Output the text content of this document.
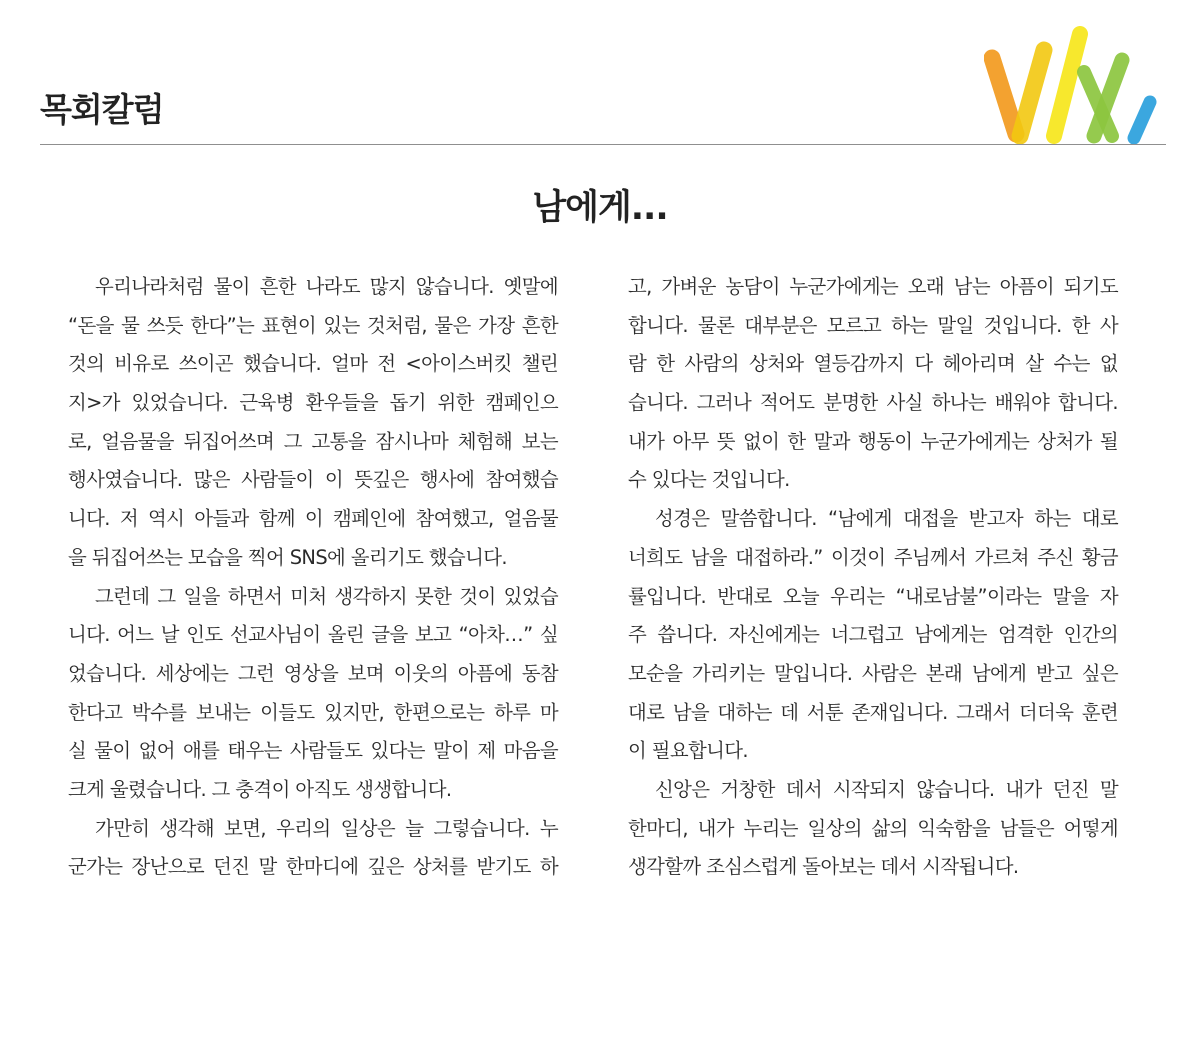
목회칼럼
남에게...
우리나라처럼 물이 흔한 나라도 많지 않습니다. 옛말에
“돈을 물 쓰듯 한다”는 표현이 있는 것처럼, 물은 가장 흔한
것의 비유로 쓰이곤 했습니다. 얼마 전 <아이스버킷 챌린
지>가 있었습니다. 근육병 환우들을 돕기 위한 캠페인으
로, 얼음물을 뒤집어쓰며 그 고통을 잠시나마 체험해 보는
행사였습니다. 많은 사람들이 이 뜻깊은 행사에 참여했습
니다. 저 역시 아들과 함께 이 캠페인에 참여했고, 얼음물
을 뒤집어쓰는 모습을 찍어 SNS에 올리기도 했습니다.
그런데 그 일을 하면서 미처 생각하지 못한 것이 있었습
니다. 어느 날 인도 선교사님이 올린 글을 보고 “아차…” 싶
었습니다. 세상에는 그런 영상을 보며 이웃의 아픔에 동참
한다고 박수를 보내는 이들도 있지만, 한편으로는 하루 마
실 물이 없어 애를 태우는 사람들도 있다는 말이 제 마음을
크게 울렸습니다. 그 충격이 아직도 생생합니다.
가만히 생각해 보면, 우리의 일상은 늘 그렇습니다. 누
군가는 장난으로 던진 말 한마디에 깊은 상처를 받기도 하
고, 가벼운 농담이 누군가에게는 오래 남는 아픔이 되기도
합니다. 물론 대부분은 모르고 하는 말일 것입니다. 한 사
람 한 사람의 상처와 열등감까지 다 헤아리며 살 수는 없
습니다. 그러나 적어도 분명한 사실 하나는 배워야 합니다.
내가 아무 뜻 없이 한 말과 행동이 누군가에게는 상처가 될
수 있다는 것입니다.
성경은 말씀합니다. “남에게 대접을 받고자 하는 대로
너희도 남을 대접하라.” 이것이 주님께서 가르쳐 주신 황금
률입니다. 반대로 오늘 우리는 “내로남불”이라는 말을 자
주 씁니다. 자신에게는 너그럽고 남에게는 엄격한 인간의
모순을 가리키는 말입니다. 사람은 본래 남에게 받고 싶은
대로 남을 대하는 데 서툰 존재입니다. 그래서 더더욱 훈련
이 필요합니다.
신앙은 거창한 데서 시작되지 않습니다. 내가 던진 말
한마디, 내가 누리는 일상의 삶의 익숙함을 남들은 어떻게
생각할까 조심스럽게 돌아보는 데서 시작됩니다.
